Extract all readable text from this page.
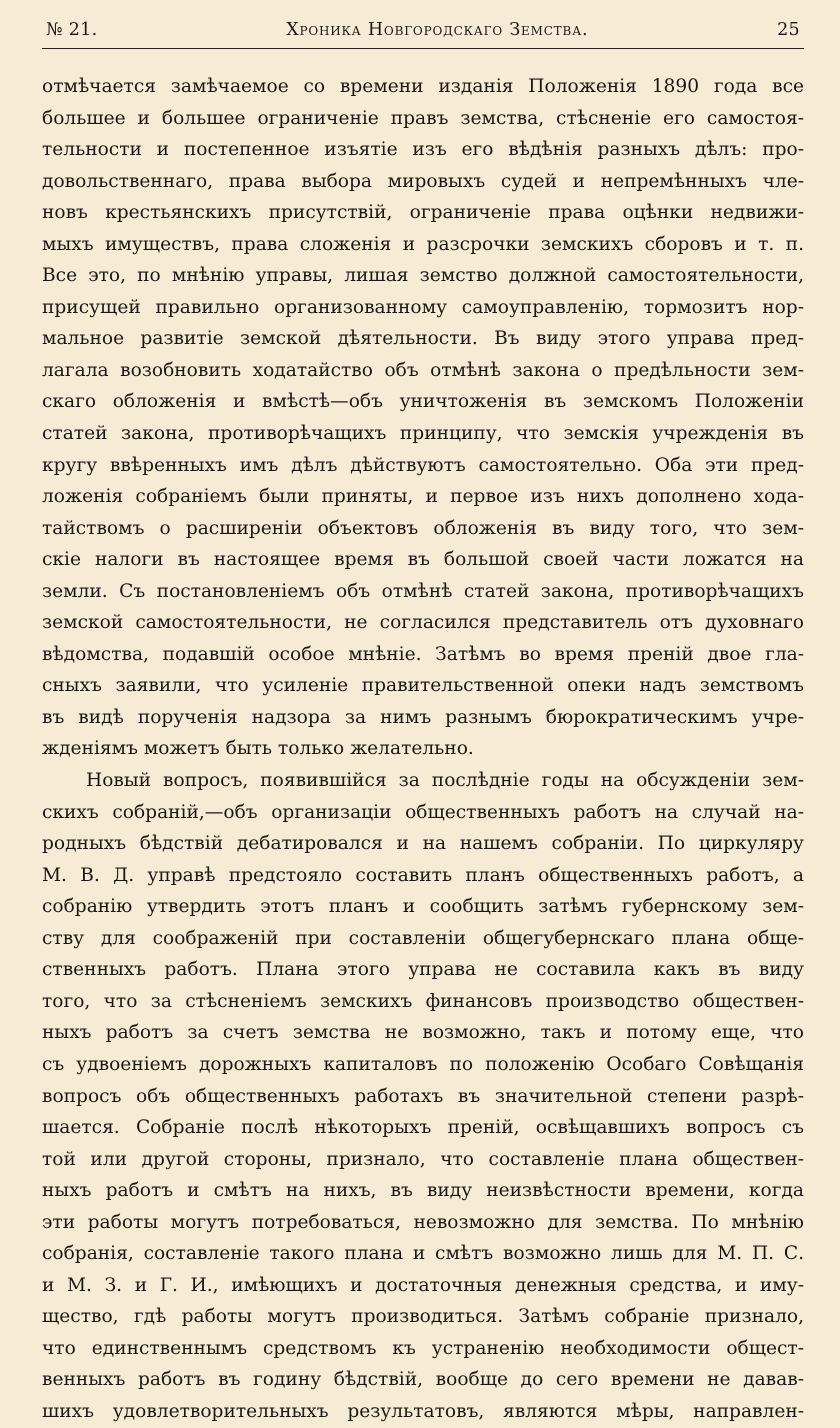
№ 21.	Хроника Новгородскаго Земства.	25
отмѣчается замѣчаемое со времени изданія Положенія 1890 года все
большее и большее ограниченіе правъ земства, стѣсненіе его самостоя-
тельности и постепенное изъятіе изъ его вѣдѣнія разныхъ дѣлъ: про-
довольственнаго, права выбора мировыхъ судей и непремѣнныхъ чле-
новъ крестьянскихъ присутствій, ограниченіе права оцѣнки недвижи-
мыхъ имуществъ, права сложенія и разсрочки земскихъ сборовъ и т. п.
Все это, по мнѣнію управы, лишая земство должной самостоятельности,
присущей правильно организованному самоуправленію, тормозитъ нор-
мальное развитіе земской дѣятельности. Въ виду этого управа пред-
лагала возобновить ходатайство объ отмѣнѣ закона о предѣльности зем-
скаго обложенія и вмѣстѣ—объ уничтоженія въ земскомъ Положеніи
статей закона, противорѣчащихъ принципу, что земскія учрежденія въ
кругу ввѣренныхъ имъ дѣлъ дѣйствуютъ самостоятельно. Оба эти пред-
ложенія собраніемъ были приняты, и первое изъ нихъ дополнено хода-
тайствомъ о расширеніи объектовъ обложенія въ виду того, что зем-
скіе налоги въ настоящее время въ большой своей части ложатся на
земли. Съ постановленіемъ объ отмѣнѣ статей закона, противорѣчащихъ
земской самостоятельности, не согласился представитель отъ духовнаго
вѣдомства, подавшій особое мнѣніе. Затѣмъ во время преній двое гла-
сныхъ заявили, что усиленіе правительственной опеки надъ земствомъ
въ видѣ порученія надзора за нимъ разнымъ бюрократическимъ учре-
жденіямъ можетъ быть только желательно.
Новый вопросъ, появившійся за послѣдніе годы на обсужденіи зем-
скихъ собраній,—объ организаціи общественныхъ работъ на случай на-
родныхъ бѣдствій дебатировался и на нашемъ собраніи. По циркуляру
М. В. Д. управѣ предстояло составить планъ общественныхъ работъ, а
собранію утвердить этотъ планъ и сообщить затѣмъ губернскому зем-
ству для соображеній при составленіи общегубернскаго плана обще-
ственныхъ работъ. Плана этого управа не составила какъ въ виду
того, что за стѣсненіемъ земскихъ финансовъ производство обществен-
ныхъ работъ за счетъ земства не возможно, такъ и потому еще, что
съ удвоеніемъ дорожныхъ капиталовъ по положенію Особаго Совѣщанія
вопросъ объ общественныхъ работахъ въ значительной степени разрѣ-
шается. Собраніе послѣ нѣкоторыхъ преній, освѣщавшихъ вопросъ съ
той или другой стороны, признало, что составленіе плана обществен-
ныхъ работъ и смѣтъ на нихъ, въ виду неизвѣстности времени, когда
эти работы могутъ потребоваться, невозможно для земства. По мнѣнію
собранія, составленіе такого плана и смѣтъ возможно лишь для М. П. С.
и М. З. и Г. И., имѣющихъ и достаточныя денежныя средства, и иму-
щество, гдѣ работы могутъ производиться. Затѣмъ собраніе признало,
что единственнымъ средствомъ къ устраненію необходимости общест-
венныхъ работъ въ годину бѣдствій, вообще до сего времени не давав-
шихъ удовлетворительныхъ результатовъ, являются мѣры, направлен-
